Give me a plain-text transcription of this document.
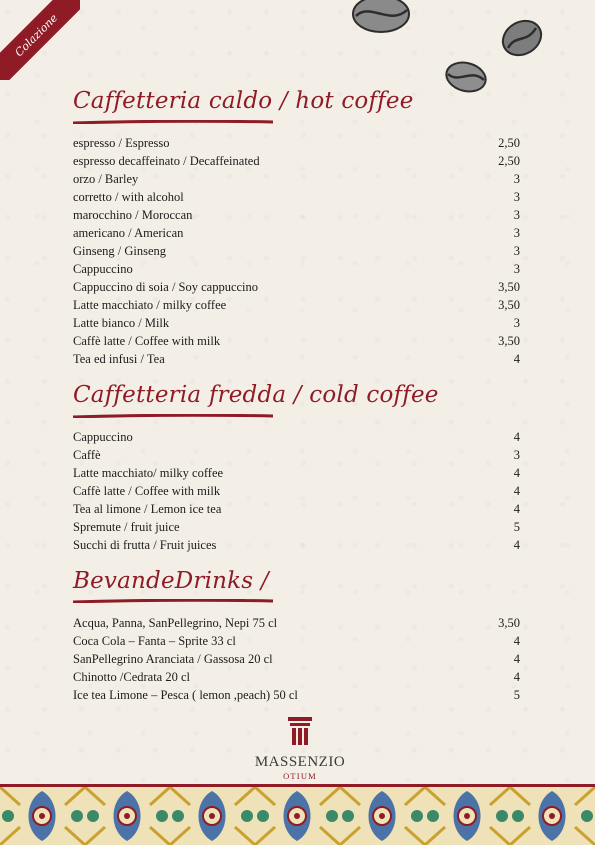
Colazione
Caffetteria caldo / hot coffee
espresso / Espresso	2,50
espresso decaffeinato / Decaffeinated	2,50
orzo / Barley	3
corretto / with alcohol	3
marocchino / Moroccan	3
americano / American	3
Ginseng / Ginseng	3
Cappuccino	3
Cappuccino di soia / Soy cappuccino	3,50
Latte macchiato / milky coffee	3,50
Latte bianco / Milk	3
Caffè latte / Coffee with milk	3,50
Tea ed infusi / Tea	4
Caffetteria fredda / cold coffee
Cappuccino	4
Caffè	3
Latte macchiato/ milky coffee	4
Caffè latte / Coffee with milk	4
Tea al limone / Lemon ice tea	4
Spremute / fruit juice	5
Succhi di frutta / Fruit juices	4
BevandeDrinks /
Acqua, Panna, SanPellegrino, Nepi 75 cl	3,50
Coca Cola – Fanta – Sprite 33 cl	4
SanPellegrino Aranciata / Gassosa 20 cl	4
Chinotto /Cedrata 20 cl	4
Ice tea Limone – Pesca ( lemon ,peach) 50 cl	5
MASSENZIO
OTIUM
